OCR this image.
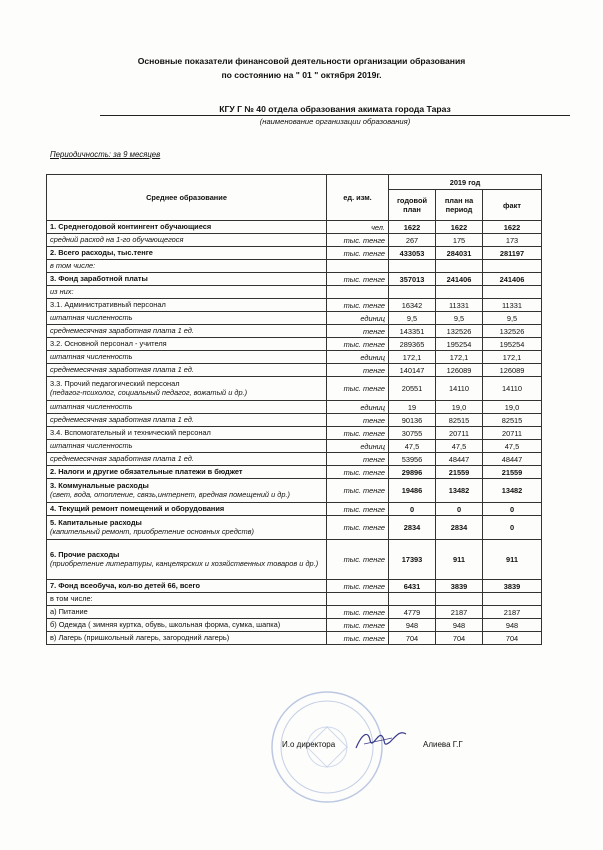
Основные показатели финансовой деятельности организации образования
по состоянию на " 01 " октября 2019г.
КГУ Г № 40 отдела образования акимата города Тараз
(наименование организации образования)
Периодичность: за 9 месяцев
Среднее образование	ед. изм.	2019 год		
		годовой план	план на период	факт
1. Среднегодовой контингент обучающиеся	чел.	1622	1622	1622
средний расход на 1-го обучающегося	тыс. тенге	267	175	173
2. Всего расходы, тыс.тенге	тыс. тенге	433053	284031	281197
в том числе:				
3. Фонд заработной платы	тыс. тенге	357013	241406	241406
из них:				
3.1. Административный персонал	тыс. тенге	16342	11331	11331
штатная численность	единиц	9,5	9,5	9,5
среднемесячная заработная плата 1 ед.	тенге	143351	132526	132526
3.2. Основной персонал - учителя	тыс. тенге	289365	195254	195254
штатная численность	единиц	172,1	172,1	172,1
среднемесячная заработная плата 1 ед.	тенге	140147	126089	126089
3.3. Прочий педагогический персонал
(педагог-психолог, социальный педагог, вожатый и др.)	тыс. тенге	20551	14110	14110
штатная численность	единиц	19	19,0	19,0
среднемесячная заработная плата 1 ед.	тенге	90136	82515	82515
3.4. Вспомогательный и технический персонал	тыс. тенге	30755	20711	20711
штатная численность	единиц	47,5	47,5	47,5
среднемесячная заработная плата 1 ед.	тенге	53956	48447	48447
2. Налоги и другие обязательные платежи в бюджет	тыс. тенге	29896	21559	21559
3. Коммунальные расходы
(свет, вода, отопление, связь,интернет, вредная помещений и др.)	тыс. тенге	19486	13482	13482
4. Текущий ремонт помещений и оборудования	тыс. тенге	0	0	0
5. Капитальные расходы
(капительный ремонт, приобретение основных средств)	тыс. тенге	2834	2834	0
6. Прочие расходы
(приобретение литературы, канцелярских и хозяйственных товаров и др.)	тыс. тенге	17393	911	911
7. Фонд всеобуча, кол-во детей 66, всего	тыс. тенге	6431	3839	3839
в том числе:				
а) Питание	тыс. тенге	4779	2187	2187
б) Одежда ( зимняя куртка, обувь, школьная форма, сумка, шапка)	тыс. тенге	948	948	948
в) Лагерь (пришкольный лагерь, загородний лагерь)	тыс. тенге	704	704	704
И.о директора	Алиева Г.Г
